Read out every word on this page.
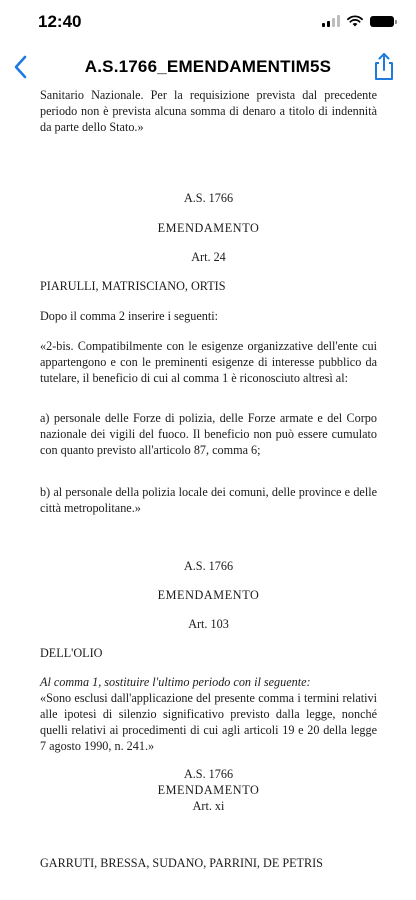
12:40
A.S.1766_EMENDAMENTIM5S

Sanitario Nazionale. Per la requisizione prevista dal precedente periodo non è prevista alcuna somma di denaro a titolo di indennità da parte dello Stato.»

A.S. 1766

EMENDAMENTO

Art. 24

PIARULLI, MATRISCIANO, ORTIS

Dopo il comma 2 inserire i seguenti:

«2-bis. Compatibilmente con le esigenze organizzative dell'ente cui appartengono e con le preminenti esigenze di interesse pubblico da tutelare, il beneficio di cui al comma 1 è riconosciuto altresì al:

a) personale delle Forze di polizia, delle Forze armate e del Corpo nazionale dei vigili del fuoco. Il beneficio non può essere cumulato con quanto previsto all'articolo 87, comma 6;

b) al personale della polizia locale dei comuni, delle province e delle città metropolitane.»

A.S. 1766

EMENDAMENTO

Art. 103

DELL'OLIO

Al comma 1, sostituire l'ultimo periodo con il seguente:

«Sono esclusi dall'applicazione del presente comma i termini relativi alle ipotesi di silenzio significativo previsto dalla legge, nonché quelli relativi ai procedimenti di cui agli articoli 19 e 20 della legge 7 agosto 1990, n. 241.»

A.S. 1766

EMENDAMENTO

Art. xi

GARRUTI, BRESSA, SUDANO, PARRINI, DE PETRIS
